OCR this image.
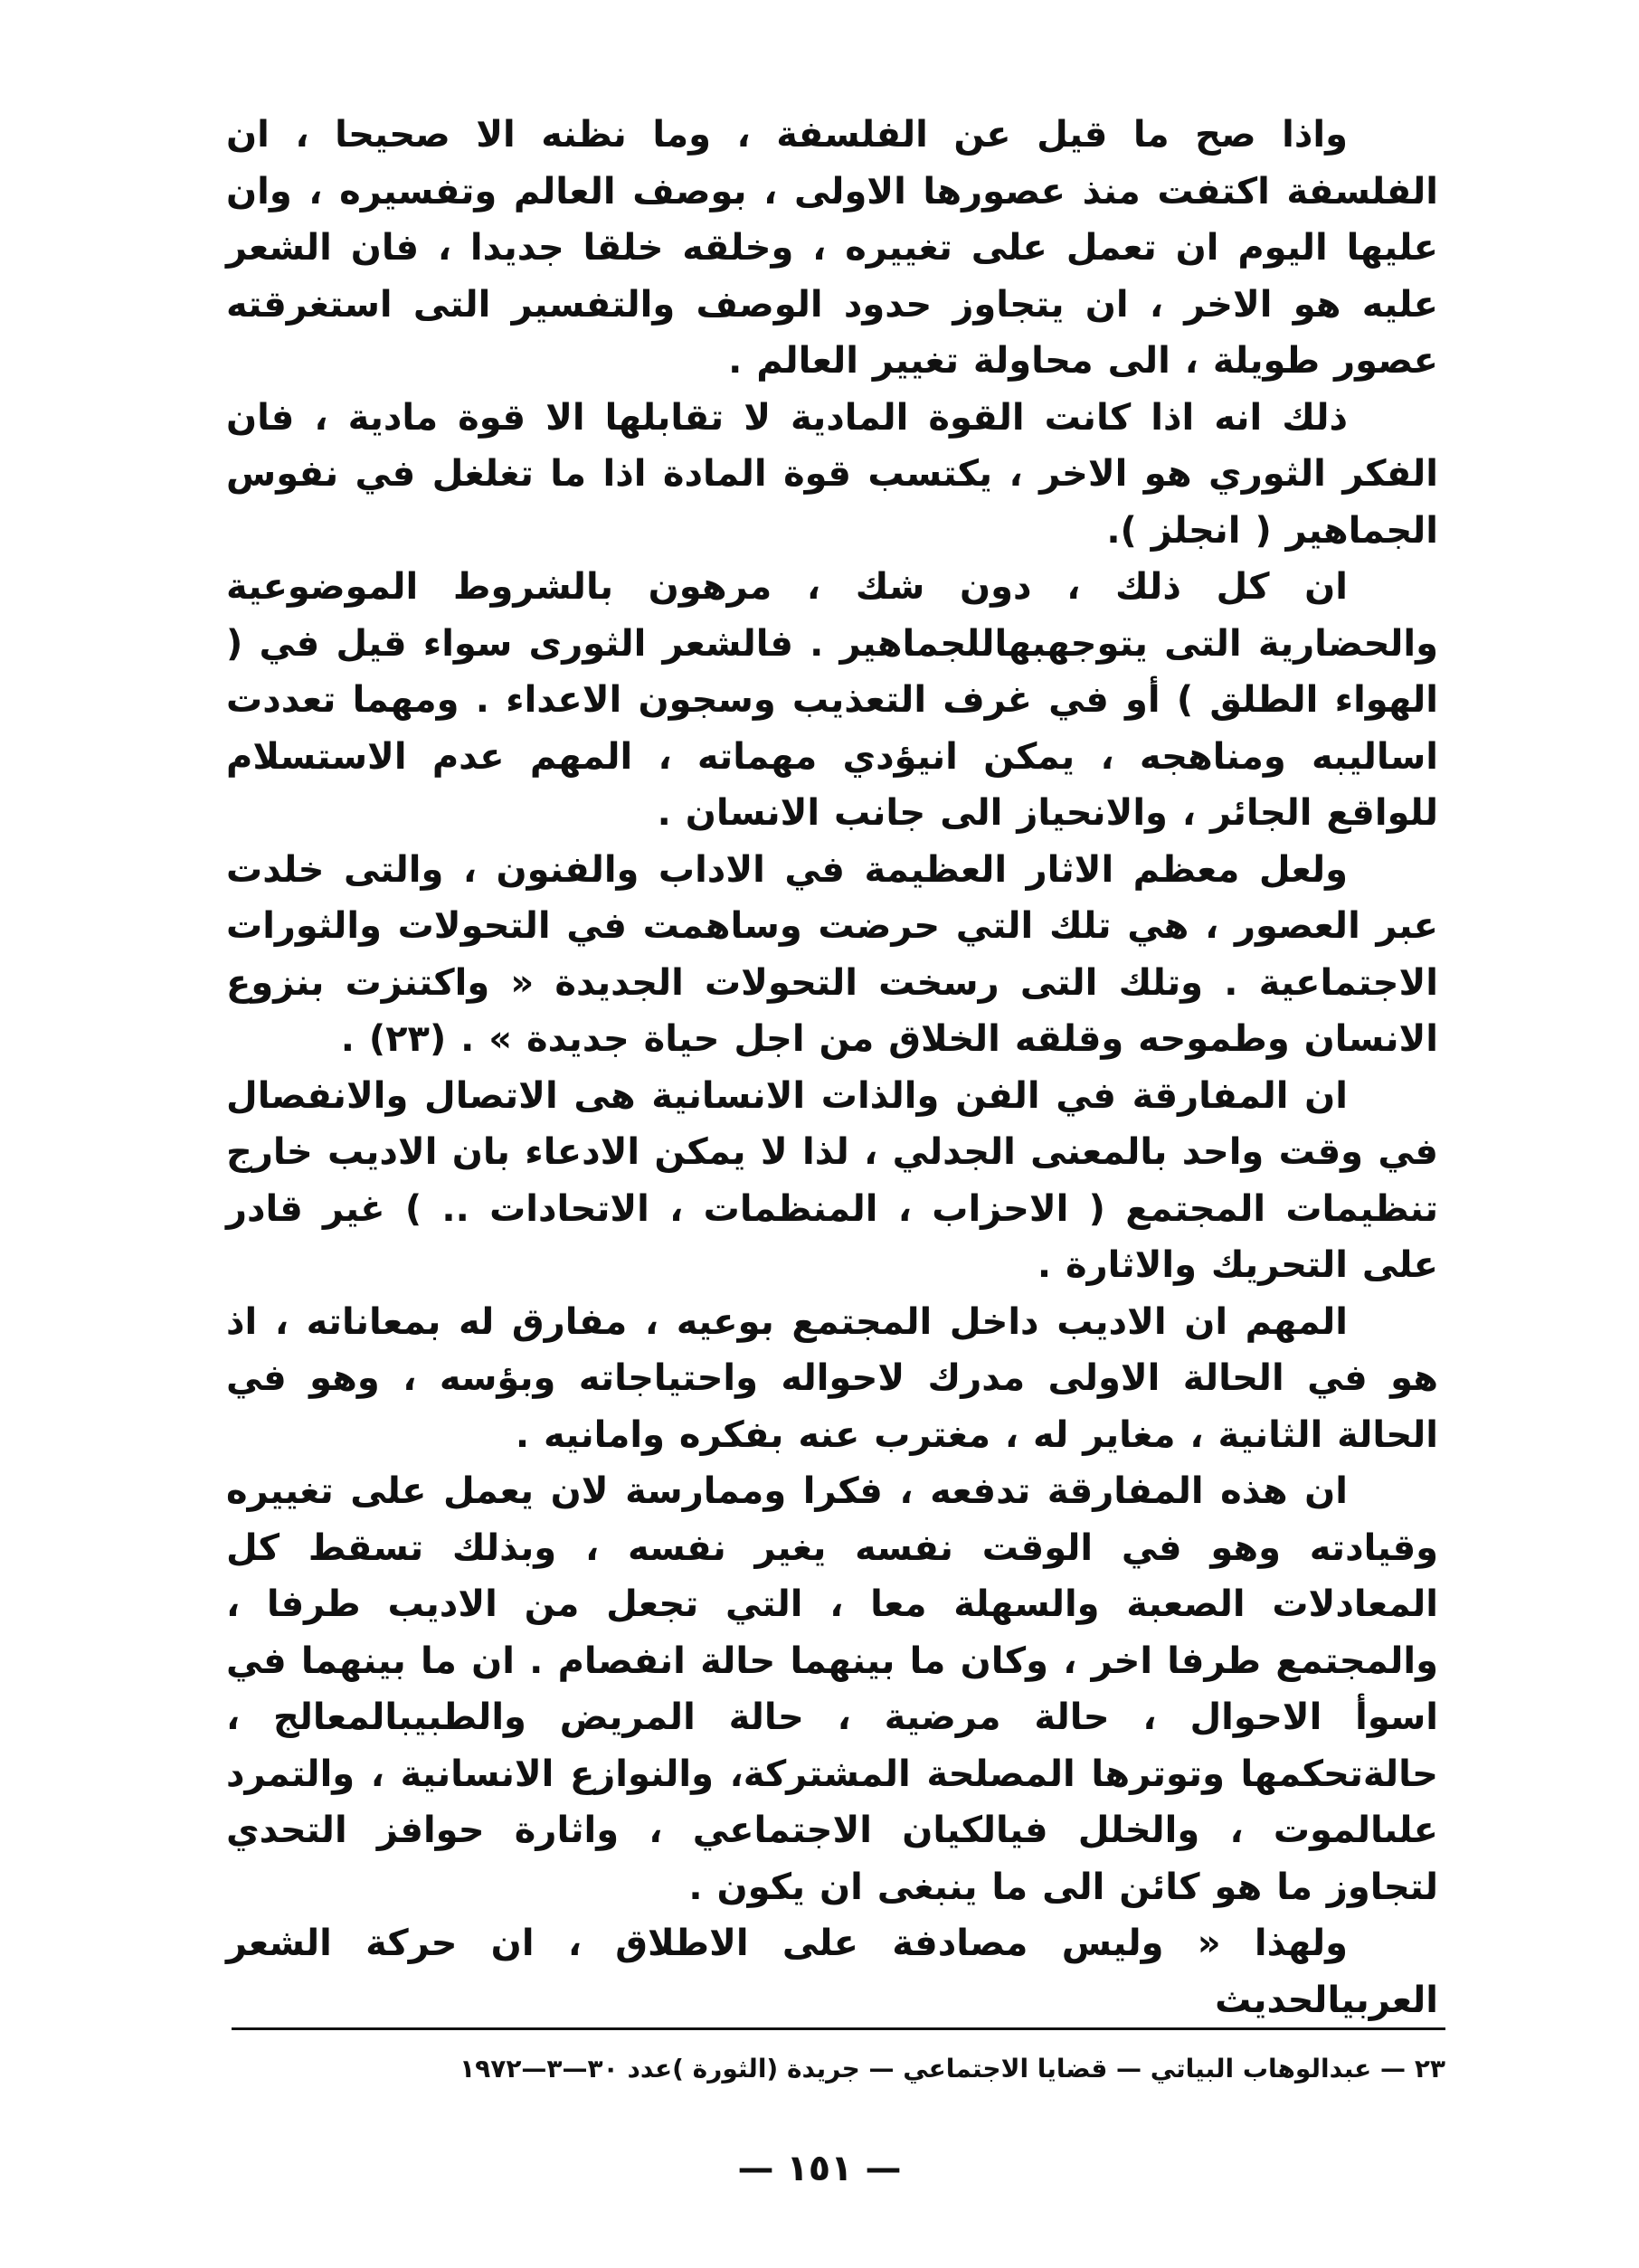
واذا صح ما قيل عن الفلسفة ، وما نظنه الا صحيحا ، ان الفلسفة اكتفت منذ عصورها الاولى ، بوصف العالم وتفسيره ، وان عليها اليوم ان تعمل على تغييره ، وخلقه خلقا جديدا ، فان الشعر عليه هو الاخر ، ان يتجاوز حدود الوصف والتفسير التى استغرقته عصور طويلة ، الى محاولة تغيير العالم .

ذلك انه اذا كانت القوة المادية لا تقابلها الا قوة مادية ، فان الفكر الثوري هو الاخر ، يكتسب قوة المادة اذا ما تغلغل في نفوس الجماهير ( انجلز ).

ان كل ذلك ، دون شك ، مرهون بالشروط الموضوعية والحضارية التى يتوجهبهاللجماهير . فالشعر الثورى سواء قيل في ( الهواء الطلق ) أو في غرف التعذيب وسجون الاعداء . ومهما تعددت اساليبه ومناهجه ، يمكن انيؤدي مهماته ، المهم عدم الاستسلام للواقع الجائر ، والانحياز الى جانب الانسان .

ولعل معظم الاثار العظيمة في الاداب والفنون ، والتى خلدت عبر العصور ، هي تلك التي حرضت وساهمت في التحولات والثورات الاجتماعية . وتلك التى رسخت التحولات الجديدة « واكتنزت بنزوع الانسان وطموحه وقلقه الخلاق من اجل حياة جديدة » . (٢٣) .

ان المفارقة في الفن والذات الانسانية هى الاتصال والانفصال في وقت واحد بالمعنى الجدلي ، لذا لا يمكن الادعاء بان الاديب خارج تنظيمات المجتمع ( الاحزاب ، المنظمات ، الاتحادات .. ) غير قادر على التحريك والاثارة .

المهم ان الاديب داخل المجتمع بوعيه ، مفارق له بمعاناته ، اذ هو في الحالة الاولى مدرك لاحواله واحتياجاته وبؤسه ، وهو في الحالة الثانية ، مغاير له ، مغترب عنه بفكره وامانيه .

ان هذه المفارقة تدفعه ، فكرا وممارسة لان يعمل على تغييره وقيادته وهو في الوقت نفسه يغير نفسه ، وبذلك تسقط كل المعادلات الصعبة والسهلة معا ، التي تجعل من الاديب طرفا ، والمجتمع طرفا اخر ، وكان ما بينهما حالة انفصام . ان ما بينهما في اسوأ الاحوال ، حالة مرضية ، حالة المريض والطبيبالمعالج ، حالةتحكمها وتوترها المصلحة المشتركة، والنوازع الانسانية ، والتمرد علىالموت ، والخلل فيالكيان الاجتماعي ، واثارة حوافز التحدي لتجاوز ما هو كائن الى ما ينبغى ان يكون .

ولهذا « وليس مصادفة على الاطلاق ، ان حركة الشعر العربيالحديث

٢٣ — عبدالوهاب البياتي — قضايا الاجتماعي — جريدة (الثورة )عدد ٣٠—٣—١٩٧٢

— ١٥١ —
